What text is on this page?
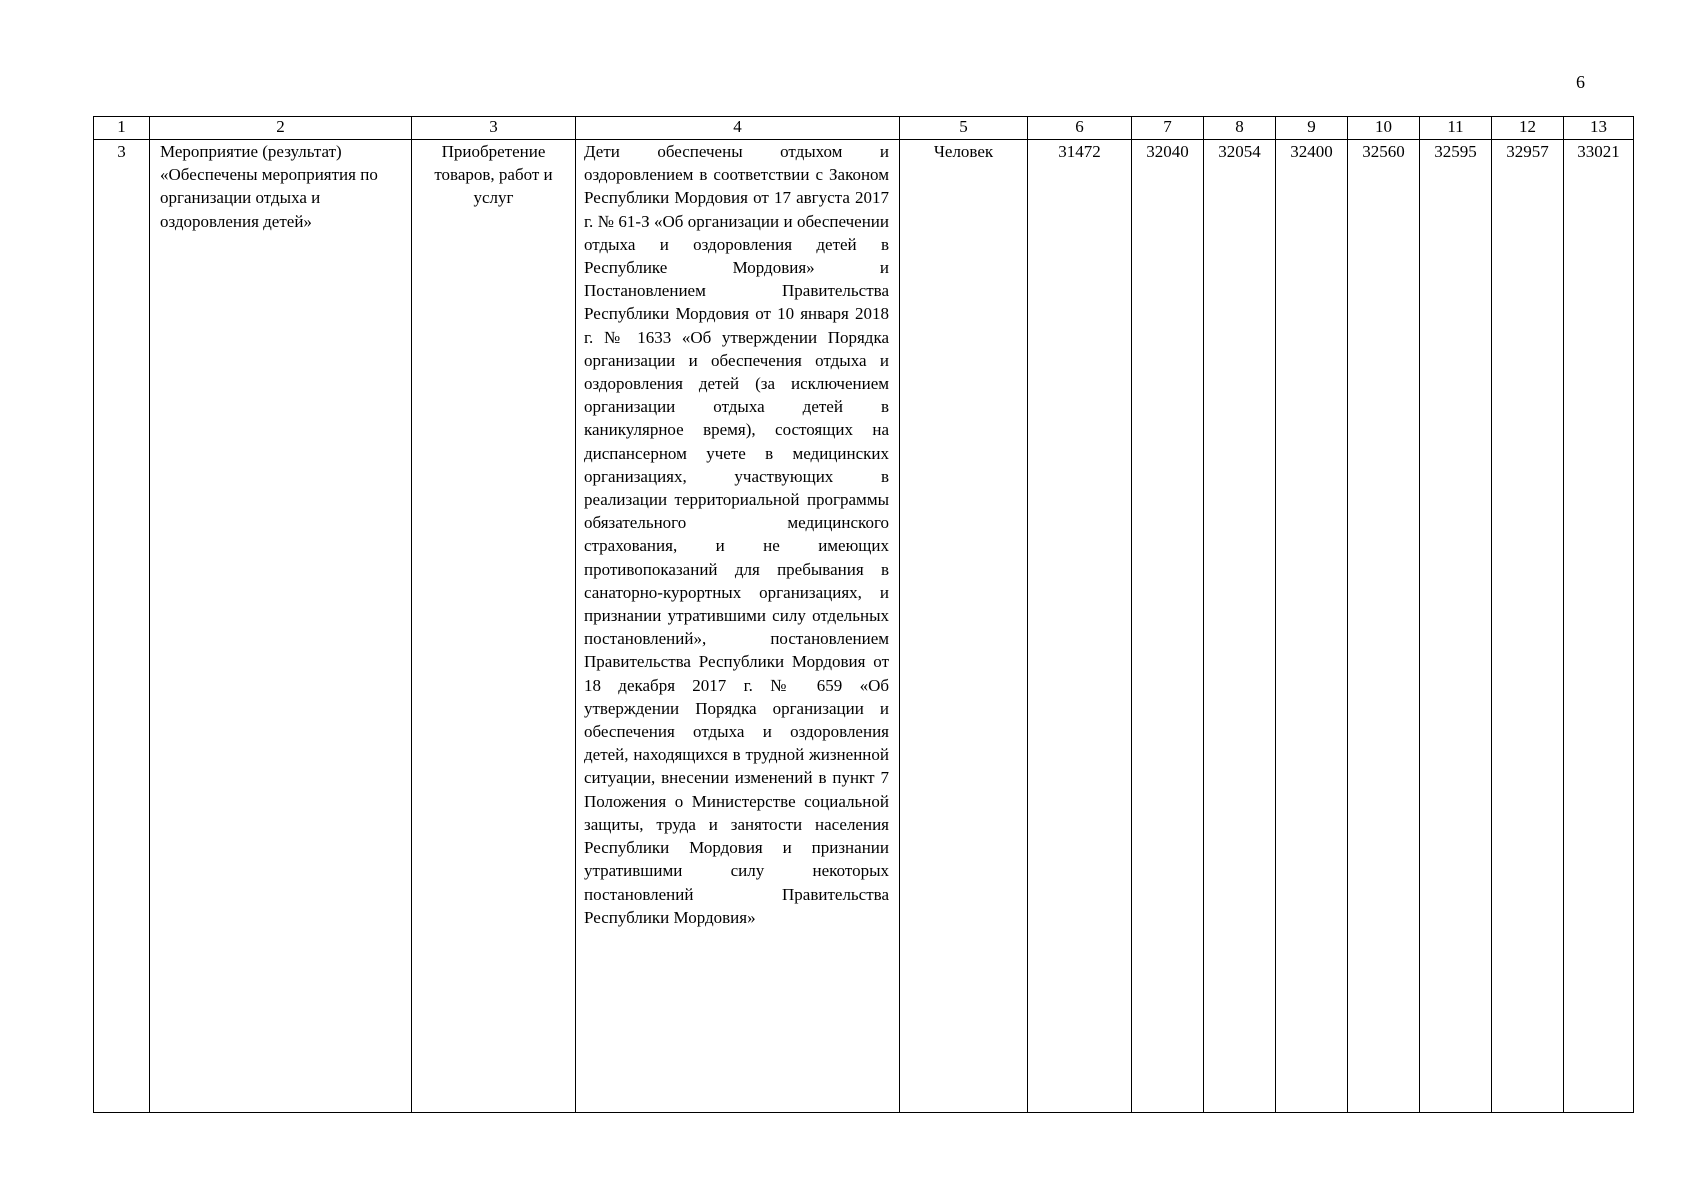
6
1	2	3	4	5	6	7	8	9	10	11	12	13
3	Мероприятие (результат) «Обеспечены мероприятия по организации отдыха и оздоровления детей»	Приобретение товаров, работ и услуг	Дети обеспечены отдыхом и оздоровлением в соответствии с Законом Республики Мордовия от 17 августа 2017 г. № 61-З «Об организации и обеспечении отдыха и оздоровления детей в Республике Мордовия» и Постановлением Правительства Республики Мордовия от 10 января 2018 г. № 1633 «Об утверждении Порядка организации и обеспечения отдыха и оздоровления детей (за исключением организации отдыха детей в каникулярное время), состоящих на диспансерном учете в медицинских организациях, участвующих в реализации территориальной программы обязательного медицинского страхования, и не имеющих противопоказаний для пребывания в санаторно-курортных организациях, и признании утратившими силу отдельных постановлений», постановлением Правительства Республики Мордовия от 18 декабря 2017 г. № 659 «Об утверждении Порядка организации и обеспечения отдыха и оздоровления детей, находящихся в трудной жизненной ситуации, внесении изменений в пункт 7 Положения о Министерстве социальной защиты, труда и занятости населения Республики Мордовия и признании утратившими силу некоторых постановлений Правительства Республики Мордовия»	Человек	31472	32040	32054	32400	32560	32595	32957	33021
